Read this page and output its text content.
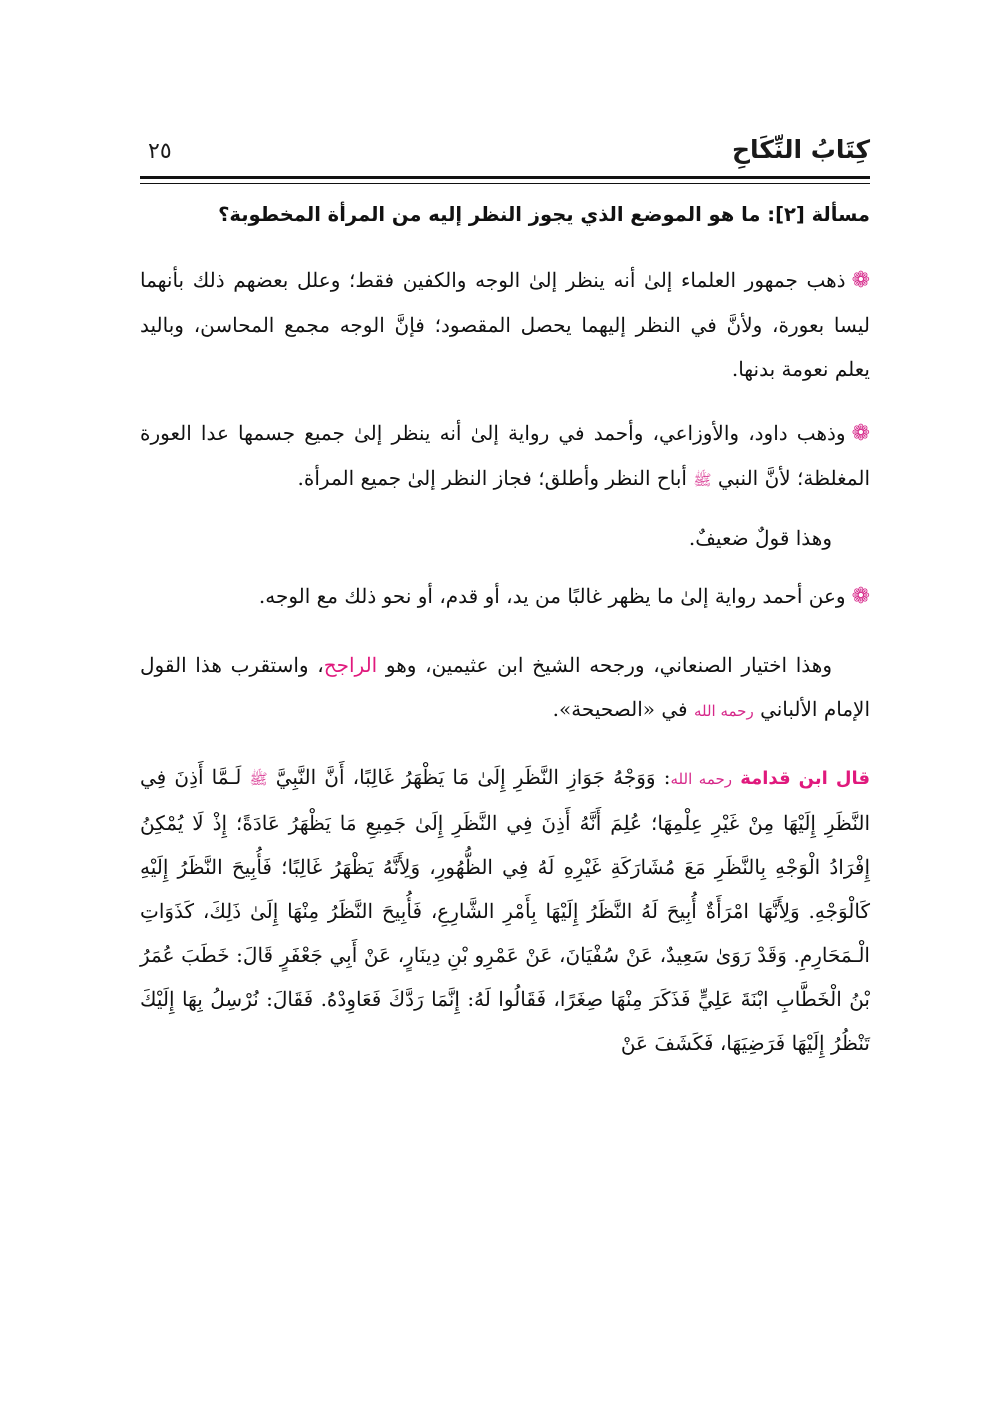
كِتَابُ النِّكَاحِ
٢٥
مسألة [٢]: ما هو الموضع الذي يجوز النظر إليه من المرأة المخطوبة؟

❁ذهب جمهور العلماء إلىٰ أنه ينظر إلىٰ الوجه والكفين فقط؛ وعلل بعضهم ذلك بأنهما ليسا بعورة، ولأنَّ في النظر إليهما يحصل المقصود؛ فإنَّ الوجه مجمع المحاسن، وباليد يعلم نعومة بدنها.

❁وذهب داود، والأوزاعي، وأحمد في رواية إلىٰ أنه ينظر إلىٰ جميع جسمها عدا العورة المغلظة؛ لأنَّ النبي ﷺ أباح النظر وأطلق؛ فجاز النظر إلىٰ جميع المرأة.

وهذا قولٌ ضعيفٌ.

❁وعن أحمد رواية إلىٰ ما يظهر غالبًا من يد، أو قدم، أو نحو ذلك مع الوجه.

وهذا اختيار الصنعاني، ورجحه الشيخ ابن عثيمين، وهو الراجح، واستقرب هذا القول الإمام الألباني رحمه الله في «الصحيحة».

قال ابن قدامة رحمه الله: وَوَجْهُ جَوَازِ النَّظَرِ إِلَىٰ مَا يَظْهَرُ غَالِبًا، أَنَّ النَّبِيَّ ﷺ لَـمَّا أَذِنَ فِي النَّظَرِ إِلَيْهَا مِنْ غَيْرِ عِلْمِهَا؛ عُلِمَ أَنَّهُ أَذِنَ فِي النَّظَرِ إِلَىٰ جَمِيعِ مَا يَظْهَرُ عَادَةً؛ إِذْ لَا يُمْكِنُ إِفْرَادُ الْوَجْهِ بِالنَّظَرِ مَعَ مُشَارَكَةِ غَيْرِهِ لَهُ فِي الظُّهُورِ، وَلِأَنَّهُ يَظْهَرُ غَالِبًا؛ فَأُبِيحَ النَّظَرُ إِلَيْهِ كَالْوَجْهِ. وَلِأَنَّهَا امْرَأَةٌ أُبِيحَ لَهُ النَّظَرُ إِلَيْهَا بِأَمْرِ الشَّارِعِ، فَأُبِيحَ النَّظَرُ مِنْهَا إِلَىٰ ذَلِكَ، كَذَوَاتِ الْـمَحَارِمِ. وَقَدْ رَوَىٰ سَعِيدٌ، عَنْ سُفْيَانَ، عَنْ عَمْرِو بْنِ دِينَارٍ، عَنْ أَبِي جَعْفَرٍ قَالَ: خَطَبَ عُمَرُ بْنُ الْخَطَّابِ ابْنَةَ عَلِيٍّ فَذَكَرَ مِنْهَا صِغَرًا، فَقَالُوا لَهُ: إِنَّمَا رَدَّكَ فَعَاوِدْهُ. فَقَالَ: نُرْسِلُ بِهَا إِلَيْكَ تَنْظُرُ إِلَيْهَا فَرَضِيَهَا، فَكَشَفَ عَنْ
